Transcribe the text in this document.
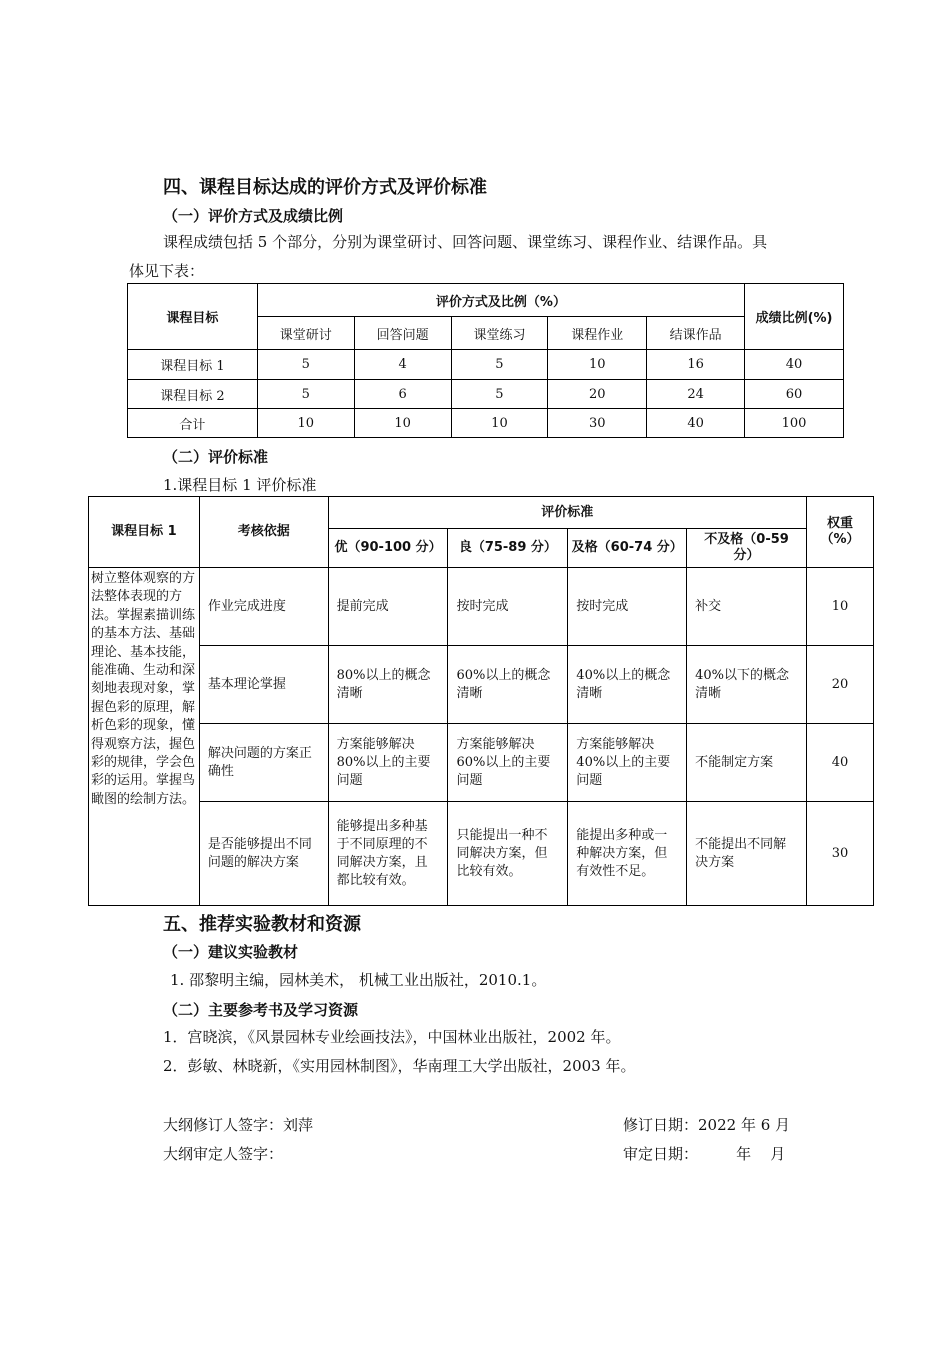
四、课程目标达成的评价方式及评价标准
（一）评价方式及成绩比例
课程成绩包括 5 个部分，分别为课堂研讨、回答问题、课堂练习、课程作业、结课作品。具
体见下表：
课程目标	评价方式及比例（%）					成绩比例(%)
	课堂研讨	回答问题	课堂练习	课程作业	结课作品	
课程目标 1	5	4	5	10	16	40
课程目标 2	5	6	5	20	24	60
合计	10	10	10	30	40	100
（二）评价标准
1.课程目标 1 评价标准
课程目标 1	考核依据	评价标准				权重（%）
		优（90-100 分）	良（75-89 分）	及格（60-74 分）	不及格（0-59 分）	
树立整体观察的方法整体表现的方法。掌握素描训练的基本方法、基础理论、基本技能，能准确、生动和深刻地表现对象，掌握色彩的原理，解析色彩的现象，懂得观察方法，握色彩的规律，学会色彩的运用。掌握鸟瞰图的绘制方法。	作业完成进度	提前完成	按时完成	按时完成	补交	10
	基本理论掌握	80%以上的概念清晰	60%以上的概念清晰	40%以上的概念清晰	40%以下的概念清晰	20
	解决问题的方案正确性	方案能够解决80%以上的主要问题	方案能够解决60%以上的主要问题	方案能够解决40%以上的主要问题	不能制定方案	40
	是否能够提出不同问题的解决方案	能够提出多种基于不同原理的不同解决方案，且都比较有效。	只能提出一种不同解决方案，但比较有效。	能提出多种或一种解决方案，但有效性不足。	不能提出不同解决方案	30
五、推荐实验教材和资源
（一）建议实验教材
1. 邵黎明主编，园林美术， 机械工业出版社，2010.1。
（二）主要参考书及学习资源
1．宫晓滨，《风景园林专业绘画技法》，中国林业出版社，2002 年。
2．彭敏、林晓新，《实用园林制图》，华南理工大学出版社，2003 年。
大纲修订人签字：刘萍	修订日期：2022 年 6 月
大纲审定人签字：	审定日期：        年    月
